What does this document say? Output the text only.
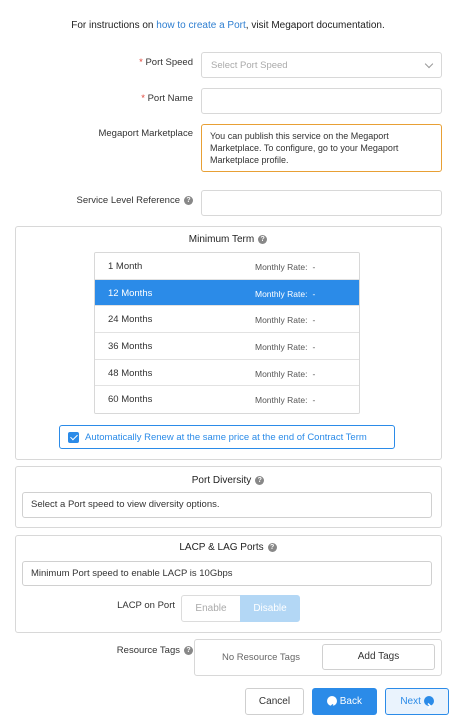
For instructions on how to create a Port, visit Megaport documentation.
* Port Speed	Select Port Speed
* Port Name
Megaport Marketplace	You can publish this service on the Megaport Marketplace. To configure, go to your Megaport Marketplace profile.
Service Level Reference ?
Minimum Term ?
1 Month	Monthly Rate: -
12 Months	Monthly Rate: -
24 Months	Monthly Rate: -
36 Months	Monthly Rate: -
48 Months	Monthly Rate: -
60 Months	Monthly Rate: -
Automatically Renew at the same price at the end of Contract Term
Port Diversity ?
Select a Port speed to view diversity options.
LACP & LAG Ports ?
Minimum Port speed to enable LACP is 10Gbps
LACP on Port	Enable	Disable
Resource Tags ?
No Resource Tags	Add Tags
Cancel	Back	Next
